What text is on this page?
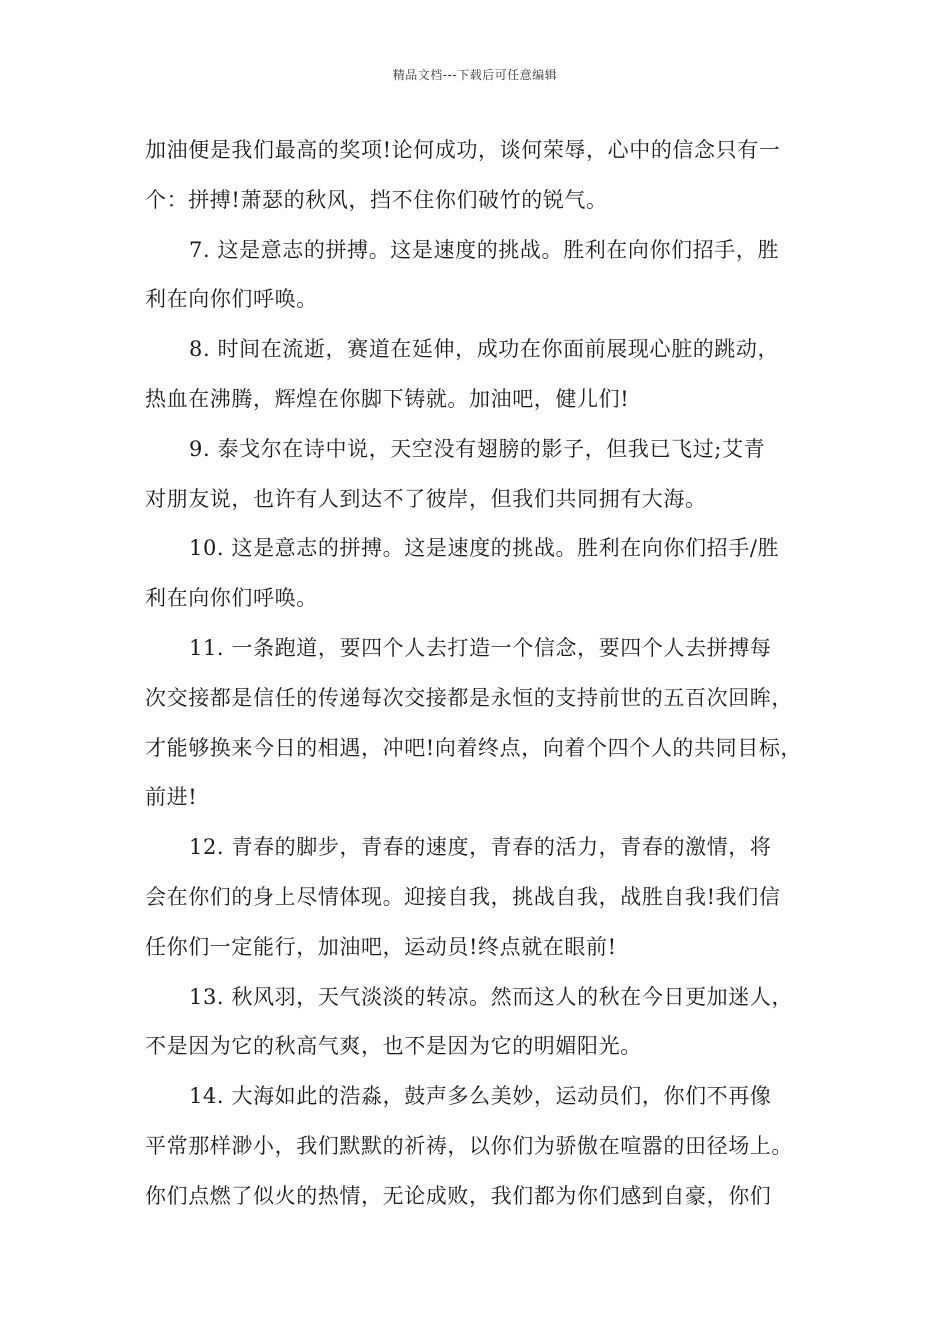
精品文档---下载后可任意编辑
加油便是我们最高的奖项!论何成功，谈何荣辱，心中的信念只有一
个：拼搏!萧瑟的秋风，挡不住你们破竹的锐气。
7. 这是意志的拼搏。这是速度的挑战。胜利在向你们招手，胜
利在向你们呼唤。
8. 时间在流逝，赛道在延伸，成功在你面前展现心脏的跳动，
热血在沸腾，辉煌在你脚下铸就。加油吧，健儿们!
9. 泰戈尔在诗中说，天空没有翅膀的影子，但我已飞过;艾青
对朋友说，也许有人到达不了彼岸，但我们共同拥有大海。
10. 这是意志的拼搏。这是速度的挑战。胜利在向你们招手/胜
利在向你们呼唤。
11. 一条跑道，要四个人去打造一个信念，要四个人去拼搏每
次交接都是信任的传递每次交接都是永恒的支持前世的五百次回眸，
才能够换来今日的相遇，冲吧!向着终点，向着个四个人的共同目标，
前进!
12. 青春的脚步，青春的速度，青春的活力，青春的激情，将
会在你们的身上尽情体现。迎接自我，挑战自我，战胜自我!我们信
任你们一定能行，加油吧，运动员!终点就在眼前!
13. 秋风羽，天气淡淡的转凉。然而这人的秋在今日更加迷人，
不是因为它的秋高气爽，也不是因为它的明媚阳光。
14. 大海如此的浩淼，鼓声多么美妙，运动员们，你们不再像
平常那样渺小，我们默默的祈祷，以你们为骄傲在喧嚣的田径场上。
你们点燃了似火的热情，无论成败，我们都为你们感到自豪，你们
